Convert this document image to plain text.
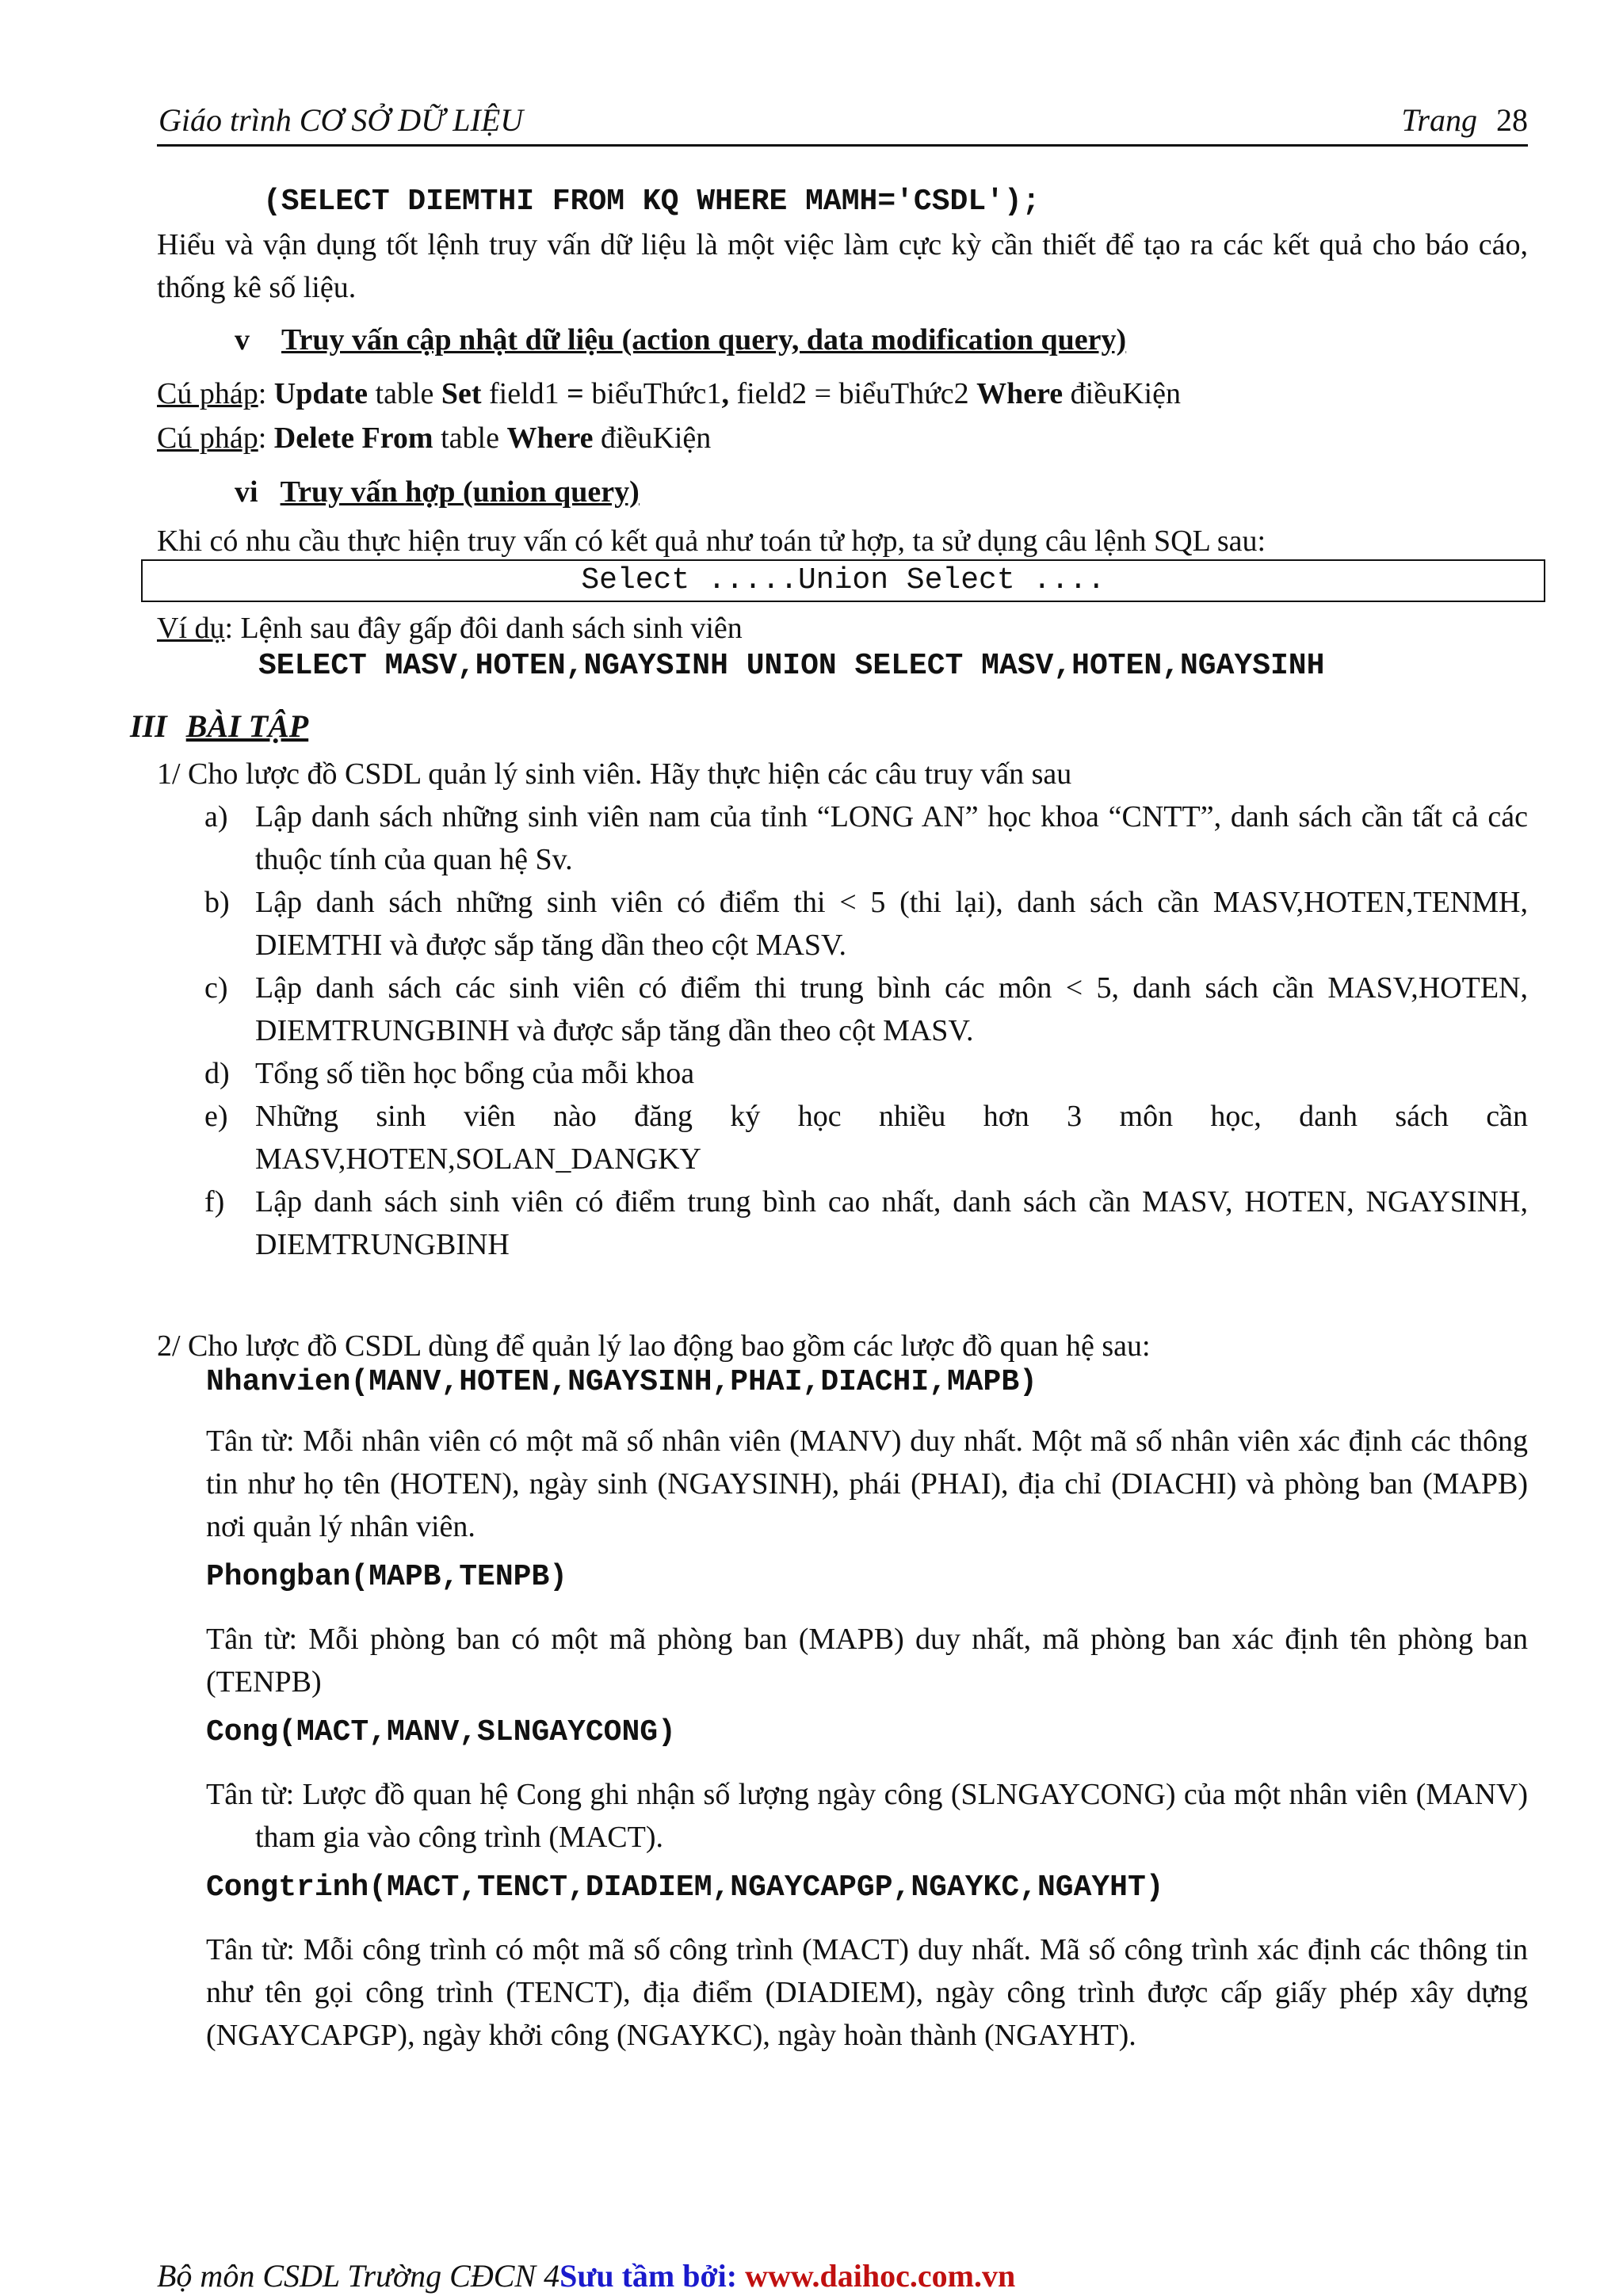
Giáo trình CƠ SỞ DỮ LIỆU	Trang 28
(SELECT DIEMTHI FROM KQ WHERE MAMH='CSDL');
Hiểu và vận dụng tốt lệnh truy vấn dữ liệu là một việc làm cực kỳ cần thiết để tạo ra các kết quả cho báo cáo, thống kê số liệu.
v Truy vấn cập nhật dữ liệu (action query, data modification query)
Cú pháp: Update table Set field1 = biểuThức1, field2 = biểuThức2 Where điềuKiện
Cú pháp: Delete From table Where điềuKiện
vi Truy vấn hợp (union query)
Khi có nhu cầu thực hiện truy vấn có kết quả như toán tử hợp, ta sử dụng câu lệnh SQL sau:
Select .....Union Select ....
Ví dụ: Lệnh sau đây gấp đôi danh sách sinh viên
SELECT MASV,HOTEN,NGAYSINH UNION SELECT MASV,HOTEN,NGAYSINH
III BÀI TẬP
1/ Cho lược đồ CSDL quản lý sinh viên. Hãy thực hiện các câu truy vấn sau
a) Lập danh sách những sinh viên nam của tỉnh “LONG AN” học khoa “CNTT”, danh sách cần tất cả các thuộc tính của quan hệ Sv.
b) Lập danh sách những sinh viên có điểm thi < 5 (thi lại), danh sách cần MASV,HOTEN,TENMH, DIEMTHI và được sắp tăng dần theo cột MASV.
c) Lập danh sách các sinh viên có điểm thi trung bình các môn < 5, danh sách cần MASV,HOTEN, DIEMTRUNGBINH và được sắp tăng dần theo cột MASV.
d) Tổng số tiền học bổng của mỗi khoa
e) Những sinh viên nào đăng ký học nhiều hơn 3 môn học, danh sách cần MASV,HOTEN,SOLAN_DANGKY
f) Lập danh sách sinh viên có điểm trung bình cao nhất, danh sách cần MASV, HOTEN, NGAYSINH, DIEMTRUNGBINH
2/ Cho lược đồ CSDL dùng để quản lý lao động bao gồm các lược đồ quan hệ sau:
Nhanvien(MANV,HOTEN,NGAYSINH,PHAI,DIACHI,MAPB)
Tân từ: Mỗi nhân viên có một mã số nhân viên (MANV) duy nhất. Một mã số nhân viên xác định các thông tin như họ tên (HOTEN), ngày sinh (NGAYSINH), phái (PHAI), địa chỉ (DIACHI) và phòng ban (MAPB) nơi quản lý nhân viên.
Phongban(MAPB,TENPB)
Tân từ: Mỗi phòng ban có một mã phòng ban (MAPB) duy nhất, mã phòng ban xác định tên phòng ban (TENPB)
Cong(MACT,MANV,SLNGAYCONG)
Tân từ: Lược đồ quan hệ Cong ghi nhận số lượng ngày công (SLNGAYCONG) của một nhân viên (MANV) tham gia vào công trình (MACT).
Congtrinh(MACT,TENCT,DIADIEM,NGAYCAPGP,NGAYKC,NGAYHT)
Tân từ: Mỗi công trình có một mã số công trình (MACT) duy nhất. Mã số công trình xác định các thông tin như tên gọi công trình (TENCT), địa điểm (DIADIEM), ngày công trình được cấp giấy phép xây dựng (NGAYCAPGP), ngày khởi công (NGAYKC), ngày hoàn thành (NGAYHT).
Bộ môn CSDL Trường CĐCN 4Sưu tầm bởi: www.daihoc.com.vn
